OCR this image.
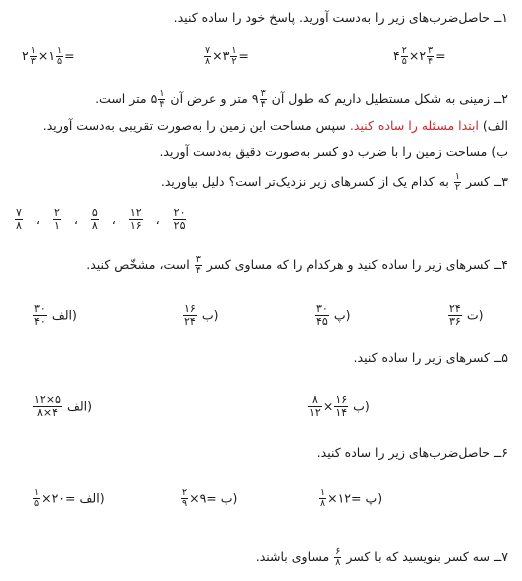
۱ــ حاصل‌ضرب‌های زیر را به‌دست آورید. پاسخ خود را ساده کنید.
۲ $\frac{۱}{۳}$ ×۱ $\frac{۱}{۵}$ =	$\frac{۷}{۸}$ ×۳ $\frac{۱}{۲}$ =	۴ $\frac{۲}{۵}$ ×۲ $\frac{۳}{۴}$ =
۲ــ زمینی به شکل مستطیل داریم که طول آن
$\frac{۳}{۴}$
۹ متر و عرض آن
$\frac{۱}{۴}$
۵ متر است.
الف) ابتدا مسئله را ساده کنید. سپس مساحت این زمین را به‌صورت تقریبی به‌دست آورید.
ب) مساحت زمین را با ضرب دو کسر به‌صورت دقیق به‌دست آورید.
۳ــ کسر
$\frac{۱}{۲}$
به کدام یک از کسرهای زیر نزدیک‌تر است؟ دلیل بیاورید.
$\frac{۷}{۸}$ ، $\frac{۲}{۱}$ ، $\frac{۵}{۸}$ ، $\frac{۱۲}{۱۶}$ ، $\frac{۲۰}{۲۵}$
۴ــ کسرهای زیر را ساده کنید و هرکدام را که مساوی کسر
$\frac{۳}{۴}$
است، مشخّص کنید.
$\frac{۳۰}{۴۰}$ الف)	$\frac{۱۶}{۲۴}$ ب)	$\frac{۳۰}{۴۵}$ پ)	$\frac{۲۴}{۳۶}$ ت)
۵ــ کسرهای زیر را ساده کنید.
$\frac{۱۲\times ۵}{۸\times ۴}$ الف)	$\frac{۸}{۱۲} \times \frac{۱۶}{۱۴}$ ب)
۶ــ حاصل‌ضرب‌های زیر را ساده کنید.
$\frac{۱}{۵}$ ×۲۰= الف)	$\frac{۲}{۹}$ ×۹= ب)	$\frac{۱}{۸}$ ×۱۲= پ)
۷ــ سه کسر بنویسید که با کسر
$\frac{۶}{۸}$
مساوی باشند.
